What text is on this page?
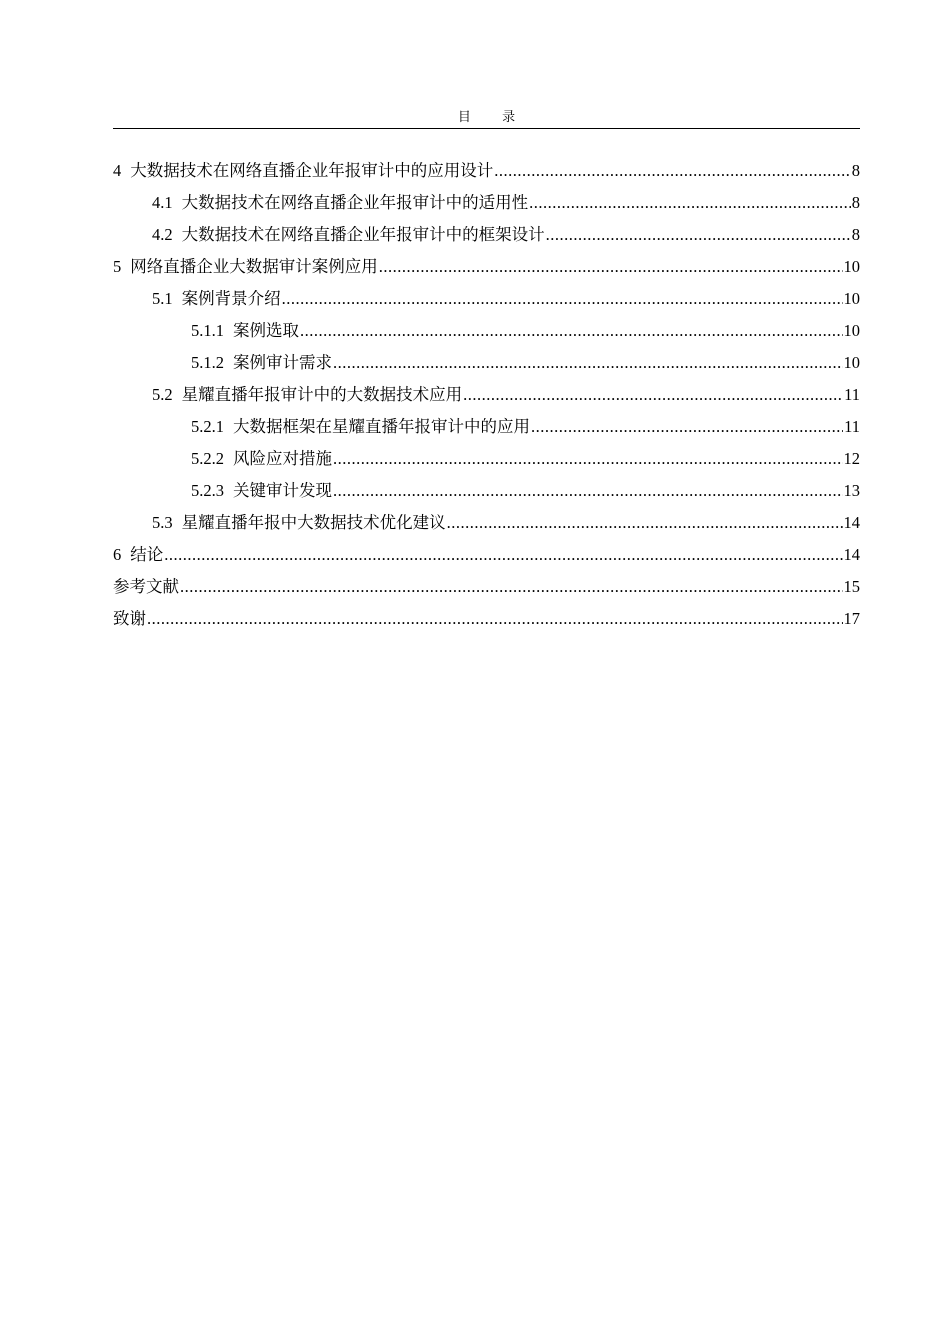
目 录
4 大数据技术在网络直播企业年报审计中的应用设计 .....	8
4.1 大数据技术在网络直播企业年报审计中的适用性 .....	8
4.2 大数据技术在网络直播企业年报审计中的框架设计 .....	8
5 网络直播企业大数据审计案例应用 .....	10
5.1 案例背景介绍 .....	10
5.1.1 案例选取 .....	10
5.1.2 案例审计需求 .....	10
5.2 星耀直播年报审计中的大数据技术应用 .....	11
5.2.1 大数据框架在星耀直播年报审计中的应用 .....	11
5.2.2 风险应对措施 .....	12
5.2.3 关键审计发现 .....	13
5.3 星耀直播年报中大数据技术优化建议 .....	14
6 结论 .....	14
参考文献 .....	15
致谢 .....	17
